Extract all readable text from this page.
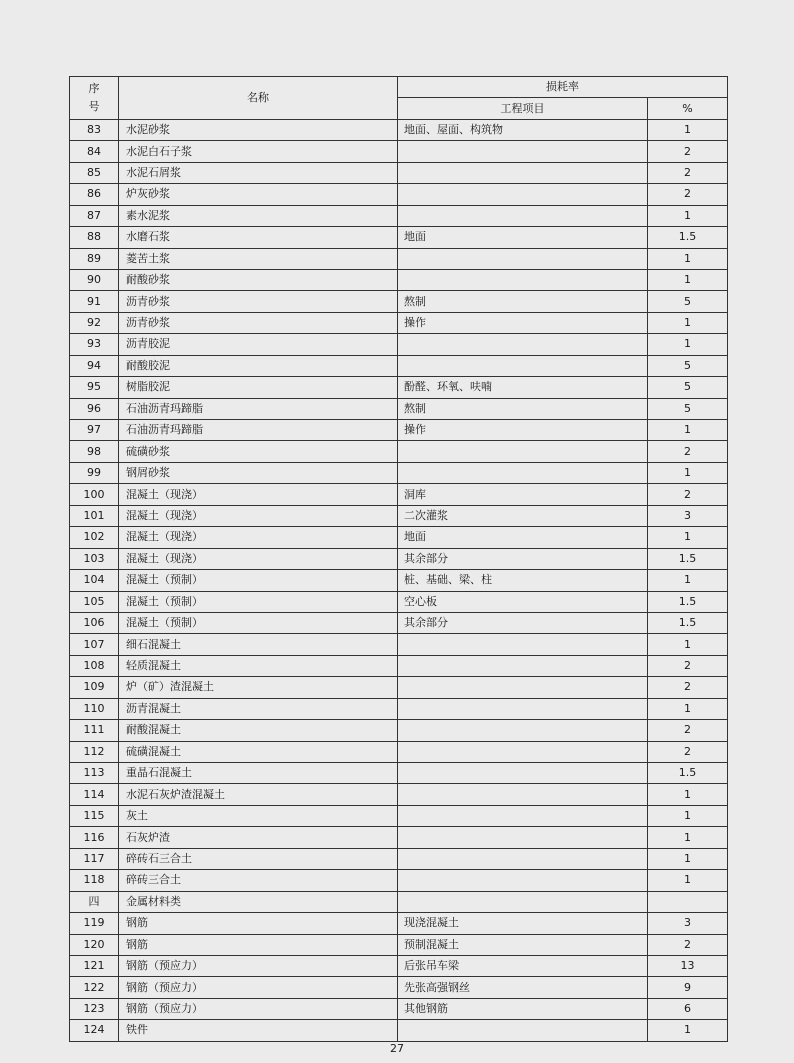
序
号	名称	损耗率	
		工程项目	%
83	水泥砂浆	地面、屋面、构筑物	1
84	水泥白石子浆		2
85	水泥石屑浆		2
86	炉灰砂浆		2
87	素水泥浆		1
88	水磨石浆	地面	1.5
89	菱苦土浆		1
90	耐酸砂浆		1
91	沥青砂浆	熬制	5
92	沥青砂浆	操作	1
93	沥青胶泥		1
94	耐酸胶泥		5
95	树脂胶泥	酚醛、环氧、呋喃	5
96	石油沥青玛蹄脂	熬制	5
97	石油沥青玛蹄脂	操作	1
98	硫磺砂浆		2
99	钢屑砂浆		1
100	混凝土（现浇）	洞库	2
101	混凝土（现浇）	二次灌浆	3
102	混凝土（现浇）	地面	1
103	混凝土（现浇）	其余部分	1.5
104	混凝土（预制）	桩、基础、梁、柱	1
105	混凝土（预制）	空心板	1.5
106	混凝土（预制）	其余部分	1.5
107	细石混凝土		1
108	轻质混凝土		2
109	炉（矿）渣混凝土		2
110	沥青混凝土		1
111	耐酸混凝土		2
112	硫磺混凝土		2
113	重晶石混凝土		1.5
114	水泥石灰炉渣混凝土		1
115	灰土		1
116	石灰炉渣		1
117	碎砖石三合土		1
118	碎砖三合土		1
四	金属材料类		
119	钢筋	现浇混凝土	3
120	钢筋	预制混凝土	2
121	钢筋（预应力）	后张吊车梁	13
122	钢筋（预应力）	先张高强钢丝	9
123	钢筋（预应力）	其他钢筋	6
124	铁件		1
27
